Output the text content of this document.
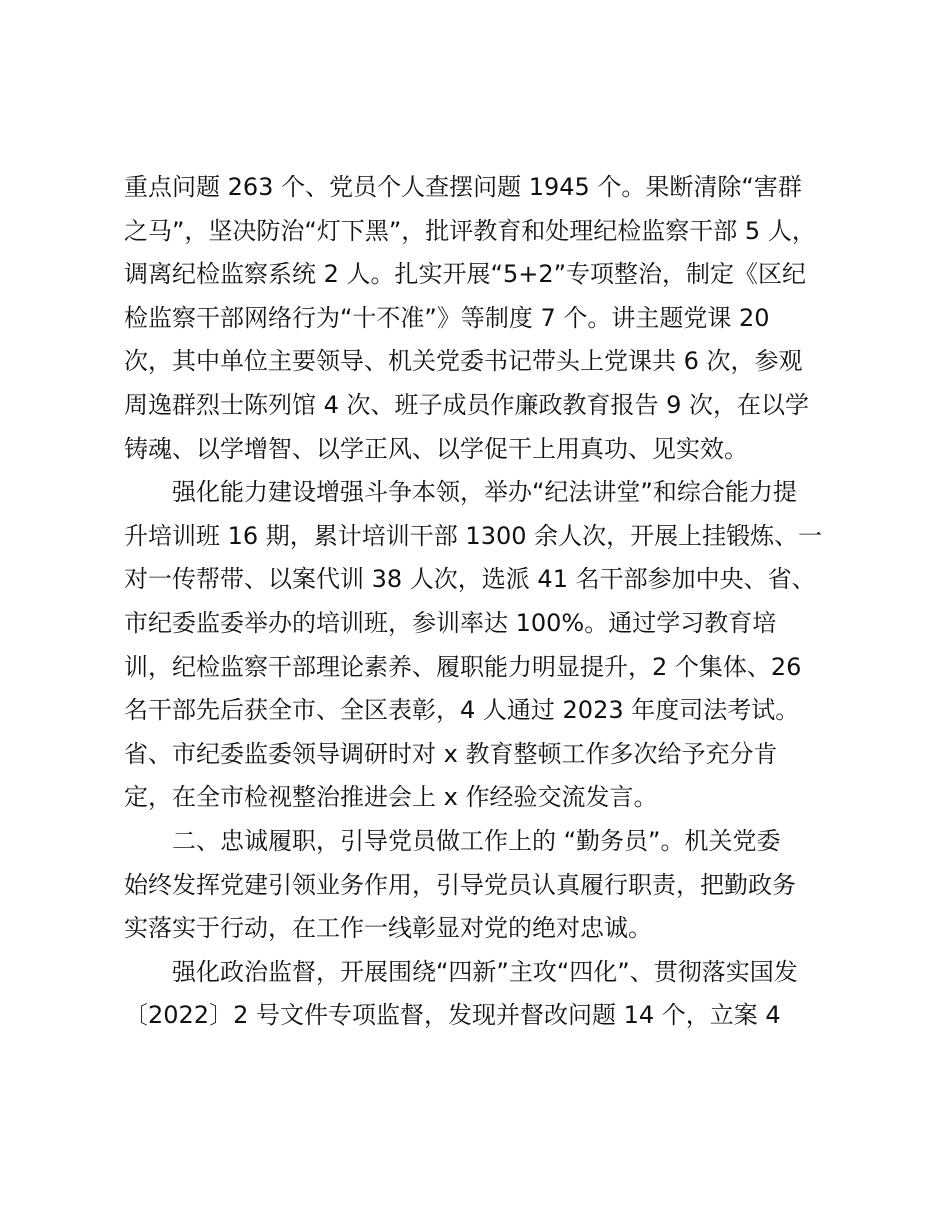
重点问题 263 个、党员个人查摆问题 1945 个。果断清除“害群
之马”，坚决防治“灯下黑”，批评教育和处理纪检监察干部 5 人，
调离纪检监察系统 2 人。扎实开展“5+2”专项整治，制定《区纪
检监察干部网络行为“十不准”》等制度 7 个。讲主题党课 20
次，其中单位主要领导、机关党委书记带头上党课共 6 次，参观
周逸群烈士陈列馆 4 次、班子成员作廉政教育报告 9 次，在以学
铸魂、以学增智、以学正风、以学促干上用真功、见实效。
　　强化能力建设增强斗争本领，举办“纪法讲堂”和综合能力提
升培训班 16 期，累计培训干部 1300 余人次，开展上挂锻炼、一
对一传帮带、以案代训 38 人次，选派 41 名干部参加中央、省、
市纪委监委举办的培训班，参训率达 100%。通过学习教育培
训，纪检监察干部理论素养、履职能力明显提升，2 个集体、26
名干部先后获全市、全区表彰，4 人通过 2023 年度司法考试。
省、市纪委监委领导调研时对 x 教育整顿工作多次给予充分肯
定，在全市检视整治推进会上 x 作经验交流发言。
　　二、忠诚履职，引导党员做工作上的 “勤务员”。机关党委
始终发挥党建引领业务作用，引导党员认真履行职责，把勤政务
实落实于行动，在工作一线彰显对党的绝对忠诚。
　　强化政治监督，开展围绕“四新”主攻“四化”、贯彻落实国发
〔2022〕2 号文件专项监督，发现并督改问题 14 个，立案 4
